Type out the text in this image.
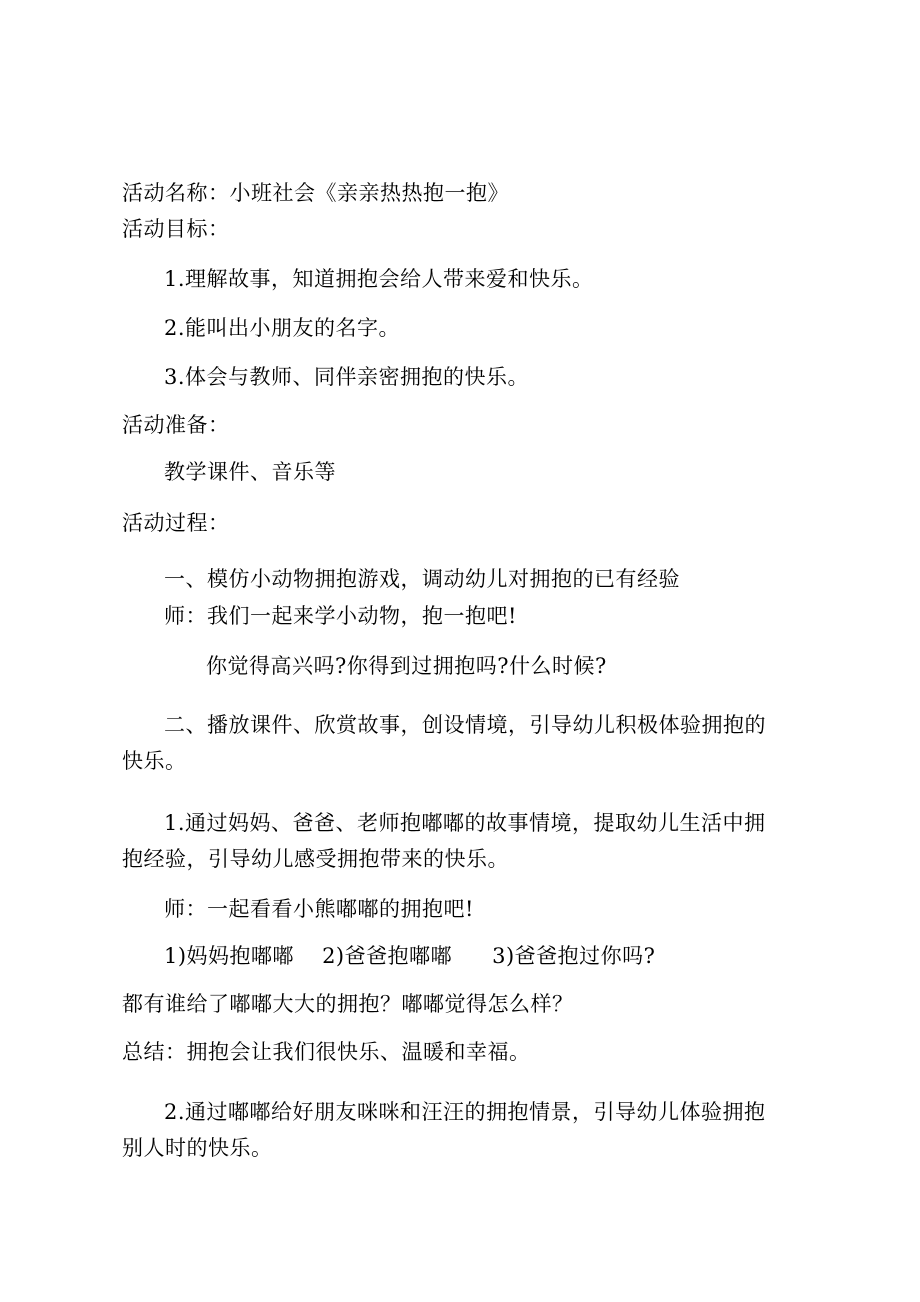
活动名称：小班社会《亲亲热热抱一抱》
活动目标：
1.理解故事，知道拥抱会给人带来爱和快乐。
2.能叫出小朋友的名字。
3.体会与教师、同伴亲密拥抱的快乐。
活动准备：
教学课件、音乐等
活动过程：
一、模仿小动物拥抱游戏，调动幼儿对拥抱的已有经验
师：我们一起来学小动物，抱一抱吧!
你觉得高兴吗?你得到过拥抱吗?什么时候?
二、播放课件、欣赏故事，创设情境，引导幼儿积极体验拥抱的快乐。
1.通过妈妈、爸爸、老师抱嘟嘟的故事情境，提取幼儿生活中拥抱经验，引导幼儿感受拥抱带来的快乐。
师：一起看看小熊嘟嘟的拥抱吧!
1)妈妈抱嘟嘟 2)爸爸抱嘟嘟 3)爸爸抱过你吗?
都有谁给了嘟嘟大大的拥抱？嘟嘟觉得怎么样？
总结：拥抱会让我们很快乐、温暖和幸福。
2.通过嘟嘟给好朋友咪咪和汪汪的拥抱情景，引导幼儿体验拥抱别人时的快乐。
